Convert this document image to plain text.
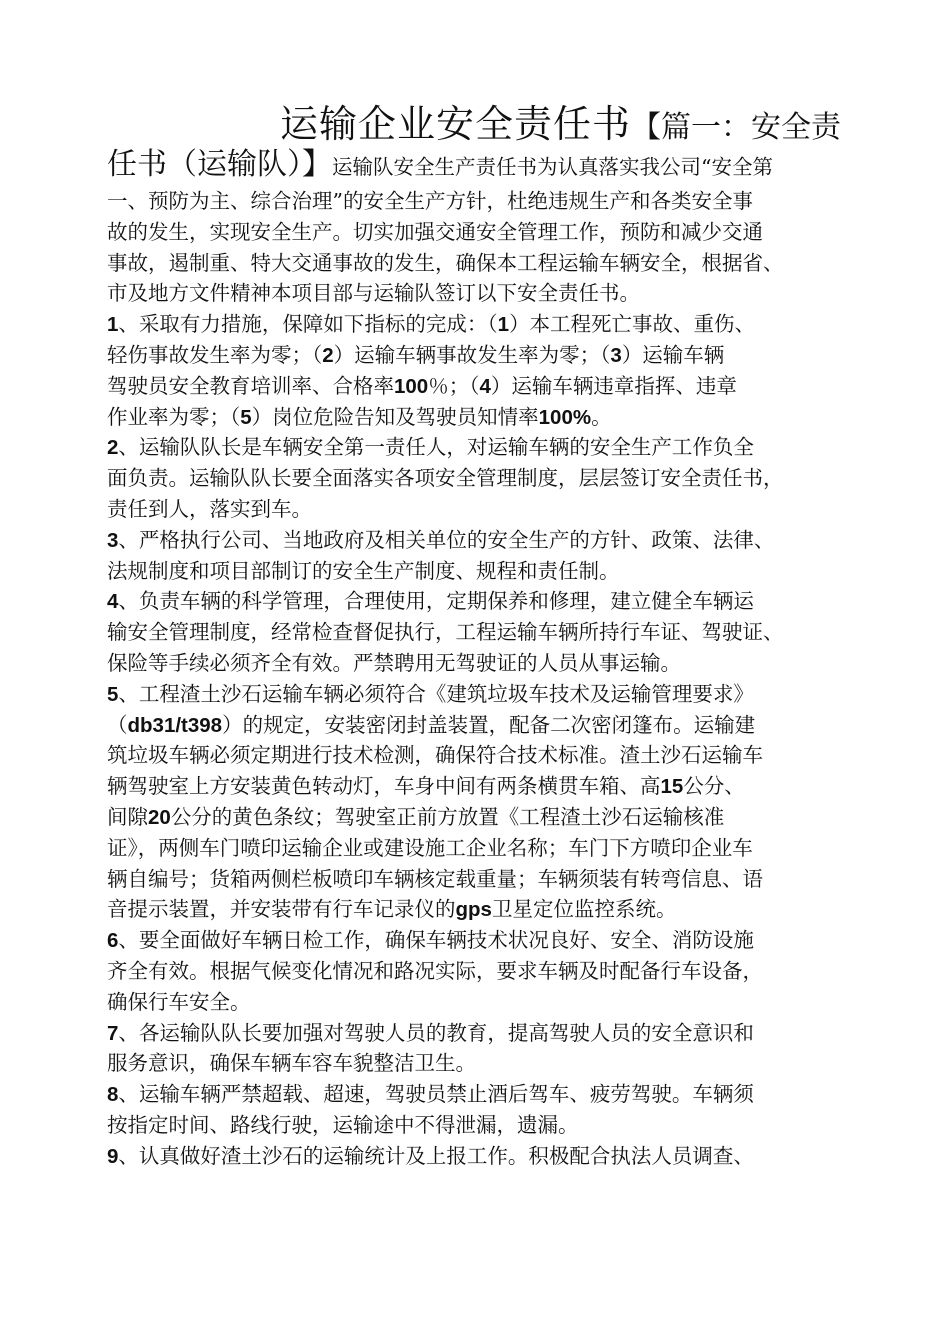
运输企业安全责任书【篇一：安全责
任书（运输队）】运输队安全生产责任书为认真落实我公司“安全第
一、预防为主、综合治理”的安全生产方针，杜绝违规生产和各类安全事
故的发生，实现安全生产。切实加强交通安全管理工作，预防和减少交通
事故，遏制重、特大交通事故的发生，确保本工程运输车辆安全，根据省、
市及地方文件精神本项目部与运输队签订以下安全责任书。
1、采取有力措施，保障如下指标的完成：（1）本工程死亡事故、重伤、
轻伤事故发生率为零；（2）运输车辆事故发生率为零；（3）运输车辆
驾驶员安全教育培训率、合格率100％；（4）运输车辆违章指挥、违章
作业率为零；（5）岗位危险告知及驾驶员知情率100%。
2、运输队队长是车辆安全第一责任人，对运输车辆的安全生产工作负全
面负责。运输队队长要全面落实各项安全管理制度，层层签订安全责任书，
责任到人，落实到车。
3、严格执行公司、当地政府及相关单位的安全生产的方针、政策、法律、
法规制度和项目部制订的安全生产制度、规程和责任制。
4、负责车辆的科学管理，合理使用，定期保养和修理，建立健全车辆运
输安全管理制度，经常检查督促执行，工程运输车辆所持行车证、驾驶证、
保险等手续必须齐全有效。严禁聘用无驾驶证的人员从事运输。
5、工程渣土沙石运输车辆必须符合《建筑垃圾车技术及运输管理要求》
（db31/t398）的规定，安装密闭封盖装置，配备二次密闭篷布。运输建
筑垃圾车辆必须定期进行技术检测，确保符合技术标准。渣土沙石运输车
辆驾驶室上方安装黄色转动灯，车身中间有两条横贯车箱、高15公分、
间隙20公分的黄色条纹；驾驶室正前方放置《工程渣土沙石运输核准
证》，两侧车门喷印运输企业或建设施工企业名称；车门下方喷印企业车
辆自编号；货箱两侧栏板喷印车辆核定载重量；车辆须装有转弯信息、语
音提示装置，并安装带有行车记录仪的gps卫星定位监控系统。
6、要全面做好车辆日检工作，确保车辆技术状况良好、安全、消防设施
齐全有效。根据气候变化情况和路况实际，要求车辆及时配备行车设备，
确保行车安全。
7、各运输队队长要加强对驾驶人员的教育，提高驾驶人员的安全意识和
服务意识，确保车辆车容车貌整洁卫生。
8、运输车辆严禁超载、超速，驾驶员禁止酒后驾车、疲劳驾驶。车辆须
按指定时间、路线行驶，运输途中不得泄漏，遗漏。
9、认真做好渣土沙石的运输统计及上报工作。积极配合执法人员调查、
